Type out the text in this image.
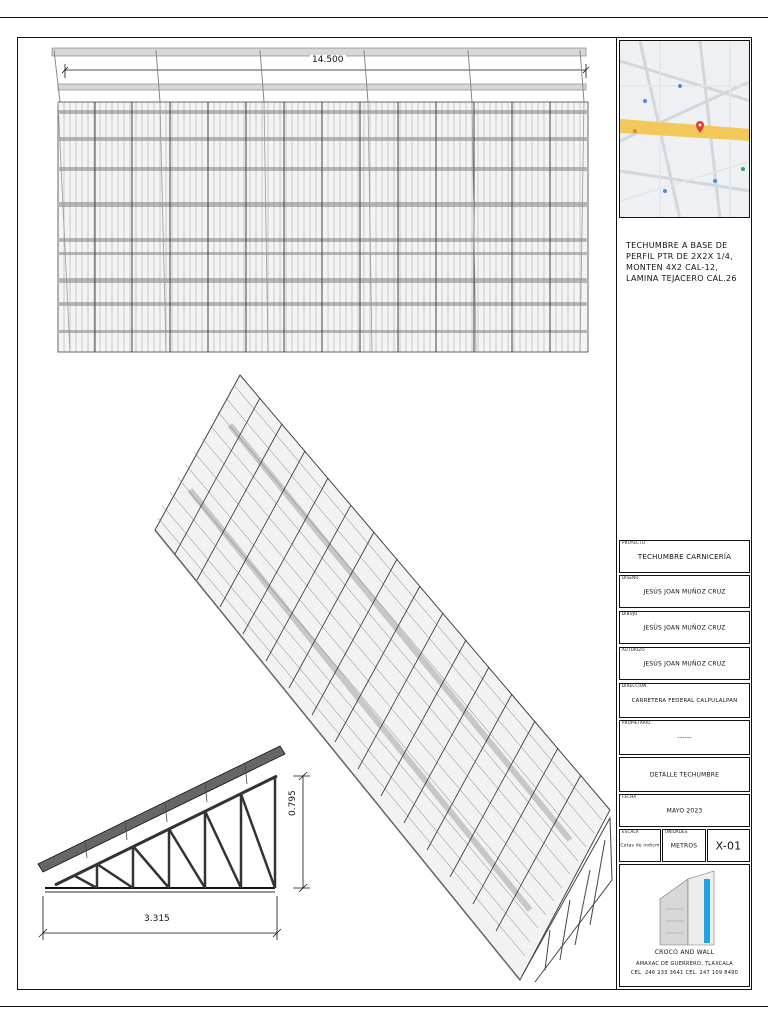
14.500
0.795
3.315
TECHUMBRE A BASE DE PERFIL PTR DE 2X2X 1/4, MONTEN 4X2 CAL-12, LAMINA TEJACERO CAL.26
PROYECTO
TECHUMBRE CARNICERÍA
DISEÑO
JESÚS JOAN MUÑOZ CRUZ
DIBUJO
JESÚS JOAN MUÑOZ CRUZ
AUTORIZÓ
JESÚS JOAN MUÑOZ CRUZ
DIRECCIÓN
CARRETERA FEDERAL CALPULALPAN
PROPIETARIO
------
DETALLE TECHUMBRE
FECHA
MAYO 2023
ESCALA
Cotas de indicm
UNIDADES
METROS	X-01
CROCO AND WALL
AMAXAC DE GUERRERO, TLAXCALA
CEL. 246 233 3641 CEL. 247 109 8490
